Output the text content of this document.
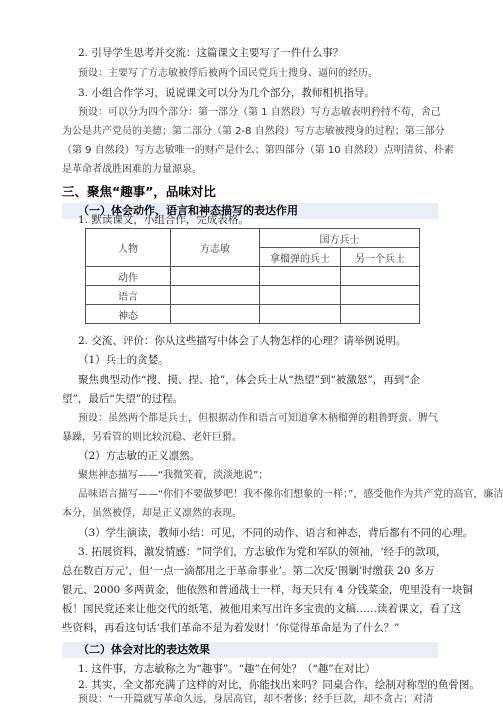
2. 引导学生思考并交流：这篇课文主要写了一件什么事？
预设：主要写了方志敏被俘后被两个国民党兵士搜身、逼问的经历。
3. 小组合作学习，说说课文可以分为几个部分，教师相机指导。
预设：可以分为四个部分：第一部分（第 1 自然段）写方志敏表明矜持不苟，舍己
为公是共产党员的美德；第二部分（第 2-8 自然段）写方志敏被搜身的过程；第三部分
（第 9 自然段）写方志敏唯一的财产是什么；第四部分（第 10 自然段）点明清贫、朴素
是革命者战胜困难的力量源泉。
三、聚焦“趣事”，品味对比
（一）体会动作、语言和神态描写的表达作用
1. 默读课文，小组合作，完成表格。
人物	方志敏	国方兵士	
		拿榴弹的兵士	另一个兵士
动作			
语言			
神态			
2. 交流、评价：你从这些描写中体会了人物怎样的心理？请举例说明。
（1）兵士的贪婪。
聚焦典型动作“搜、摸、捏、抢”，体会兵士从“热望”到“被激怒”，再到“企
望”，最后“失望”的过程。
预设：虽然两个都是兵士，但根据动作和语言可知道拿木柄榴弹的粗鲁野蛮、脾气
暴躁，另看管的则比较沉稳、老奸巨猾。
（2）方志敏的正义凛然。
聚焦神态描写——“我微笑着，淡淡地说”；
品味语言描写——“你们不要做梦吧！我不像你们想象的一样；”，感受他作为共产党的高官，廉洁
本分，虽然被俘，却是正义凛然的表现。
（3）学生演读，教师小结：可见，不同的动作、语言和神态，背后都有不同的心理。
3. 拓展资料，激发情感：“同学们，方志敏作为党和军队的领袖，‘经手的款项，
总在数百万元’，但‘一点一滴都用之于革命事业’。第二次反‘围剿’时缴获 20 多万
银元、2000 多两黄金，他依然和普通战士一样，每天只有 4 分钱菜金，兜里没有一块铜
板！国民党还来让他交代的纸笔，被他用来写出许多宝贵的文稿……读着课文，看了这
些资料，再看这句话‘我们革命不是为着发财！’你觉得革命是为了什么？”
（二）体会对比的表达效果
1. 这件事，方志敏称之为“趣事”。“趣”在何处？（“趣”在对比）
2. 其实，全文都充满了这样的对比，你能找出来吗？同桌合作，绘制对称型的鱼骨图。
预设：“一开篇就写革命久远，身居高官，却不奢侈；经手巨款，却不贪占；对清
